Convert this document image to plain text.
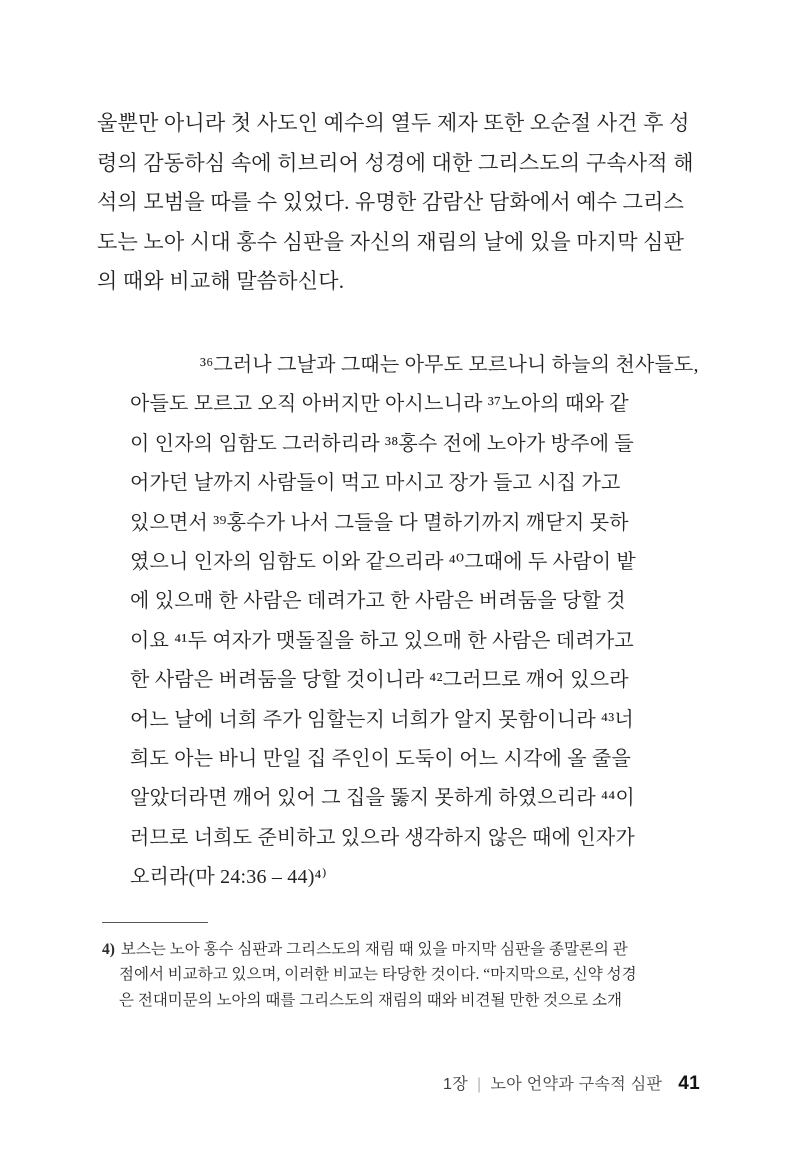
울뿐만 아니라 첫 사도인 예수의 열두 제자 또한 오순절 사건 후 성
령의 감동하심 속에 히브리어 성경에 대한 그리스도의 구속사적 해
석의 모범을 따를 수 있었다. 유명한 감람산 담화에서 예수 그리스
도는 노아 시대 홍수 심판을 자신의 재림의 날에 있을 마지막 심판
의 때와 비교해 말씀하신다.
³⁶그러나 그날과 그때는 아무도 모르나니 하늘의 천사들도,
아들도 모르고 오직 아버지만 아시느니라 ³⁷노아의 때와 같
이 인자의 임함도 그러하리라 ³⁸홍수 전에 노아가 방주에 들
어가던 날까지 사람들이 먹고 마시고 장가 들고 시집 가고
있으면서 ³⁹홍수가 나서 그들을 다 멸하기까지 깨닫지 못하
였으니 인자의 임함도 이와 같으리라 ⁴⁰그때에 두 사람이 밭
에 있으매 한 사람은 데려가고 한 사람은 버려둠을 당할 것
이요 ⁴¹두 여자가 맷돌질을 하고 있으매 한 사람은 데려가고
한 사람은 버려둠을 당할 것이니라 ⁴²그러므로 깨어 있으라
어느 날에 너희 주가 임할는지 너희가 알지 못함이니라 ⁴³너
희도 아는 바니 만일 집 주인이 도둑이 어느 시각에 올 줄을
알았더라면 깨어 있어 그 집을 뚫지 못하게 하였으리라 ⁴⁴이
러므로 너희도 준비하고 있으라 생각하지 않은 때에 인자가
오리라(마 24:36 – 44)⁴⁾
4) 보스는 노아 홍수 심판과 그리스도의 재림 때 있을 마지막 심판을 종말론의 관
점에서 비교하고 있으며, 이러한 비교는 타당한 것이다. “마지막으로, 신약 성경
은 전대미문의 노아의 때를 그리스도의 재림의 때와 비견될 만한 것으로 소개
1장 | 노아 언약과 구속적 심판 41
